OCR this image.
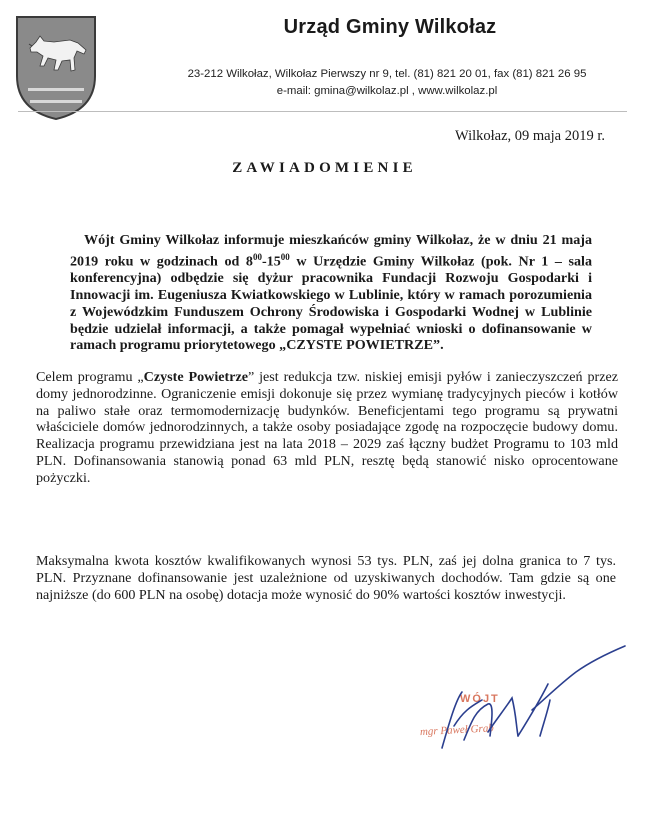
Urząd Gminy Wilkołaz
23-212 Wilkołaz, Wilkołaz Pierwszy nr 9, tel. (81) 821 20 01, fax (81) 821 26 95
e-mail: gmina@wilkolaz.pl , www.wilkolaz.pl
Wilkołaz, 09 maja 2019 r.
ZAWIADOMIENIE

Wójt Gminy Wilkołaz informuje mieszkańców gminy Wilkołaz, że w dniu 21 maja 2019 roku w godzinach od $8^{00}-15^{00}$ w Urzędzie Gminy Wilkołaz (pok. Nr 1 – sala konferencyjna) odbędzie się dyżur pracownika Fundacji Rozwoju Gospodarki i Innowacji im. Eugeniusza Kwiatkowskiego w Lublinie, który w ramach porozumienia z Wojewódzkim Funduszem Ochrony Środowiska i Gospodarki Wodnej w Lublinie będzie udzielał informacji, a także pomagał wypełniać wnioski o dofinansowanie w ramach programu priorytetowego „CZYSTE POWIETRZE”.

Celem programu „Czyste Powietrze” jest redukcja tzw. niskiej emisji pyłów i zanieczyszczeń przez domy jednorodzinne. Ograniczenie emisji dokonuje się przez wymianę tradycyjnych pieców i kotłów na paliwo stałe oraz termomodernizację budynków. Beneficjentami tego programu są prywatni właściciele domów jednorodzinnych, a także osoby posiadające zgodę na rozpoczęcie budowy domu. Realizacja programu przewidziana jest na lata 2018 – 2029 zaś łączny budżet Programu to 103 mld PLN. Dofinansowania stanowią ponad 63 mld PLN, resztę będą stanowić nisko oprocentowane pożyczki.

Maksymalna kwota kosztów kwalifikowanych wynosi 53 tys. PLN, zaś jej dolna granica to 7 tys. PLN. Przyznane dofinansowanie jest uzależnione od uzyskiwanych dochodów. Tam gdzie są one najniższe (do 600 PLN na osobę) dotacja może wynosić do 90% wartości kosztów inwestycji.

WÓJT
mgr Paweł Grab
